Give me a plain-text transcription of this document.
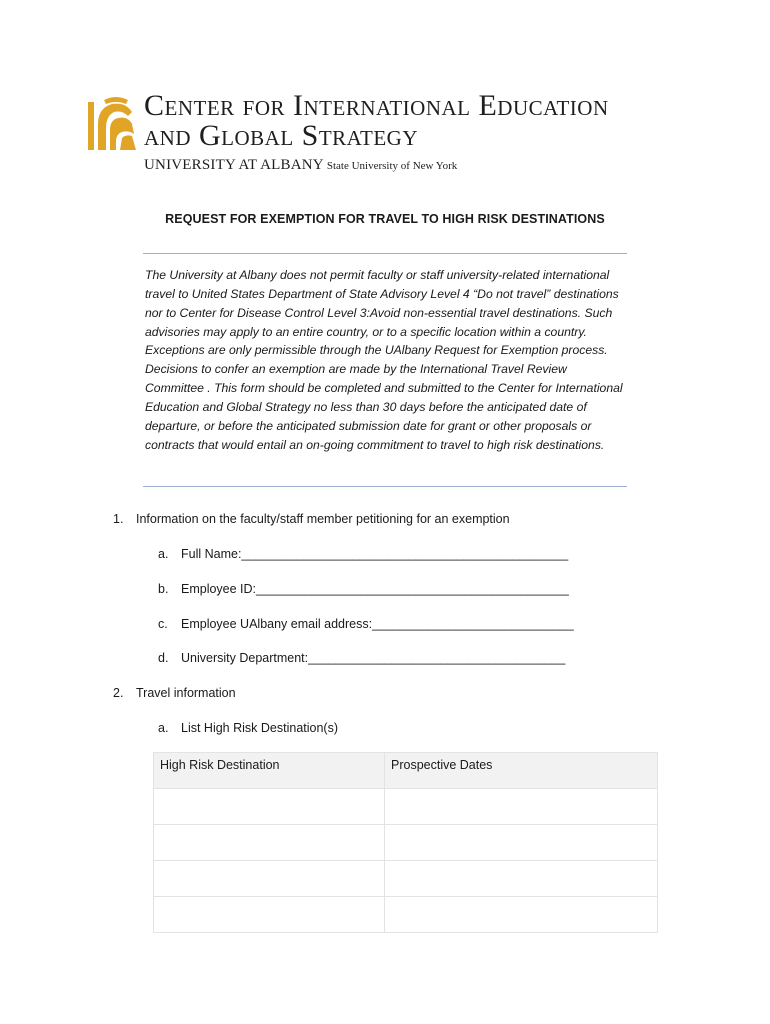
Center for International Education
and Global Strategy
UNIVERSITY AT ALBANY State University of New York
REQUEST FOR EXEMPTION FOR TRAVEL TO HIGH RISK DESTINATIONS
The University at Albany does not permit faculty or staff university-related international travel to United States Department of State Advisory Level 4 “Do not travel” destinations nor to Center for Disease Control Level 3:Avoid non-essential travel destinations. Such advisories may apply to an entire country, or to a specific location within a country. Exceptions are only permissible through the UAlbany Request for Exemption process. Decisions to confer an exemption are made by the International Travel Review Committee . This form should be completed and submitted to the Center for International Education and Global Strategy no less than 30 days before the anticipated date of departure, or before the anticipated submission date for grant or other proposals or contracts that would entail an on-going commitment to travel to high risk destinations.
1. Information on the faculty/staff member petitioning for an exemption
a. Full Name:_______________________________________________
b. Employee ID:_____________________________________________
c. Employee UAlbany email address:_____________________________
d. University Department:_____________________________________
2. Travel information
a. List High Risk Destination(s)
High Risk Destination	Prospective Dates
